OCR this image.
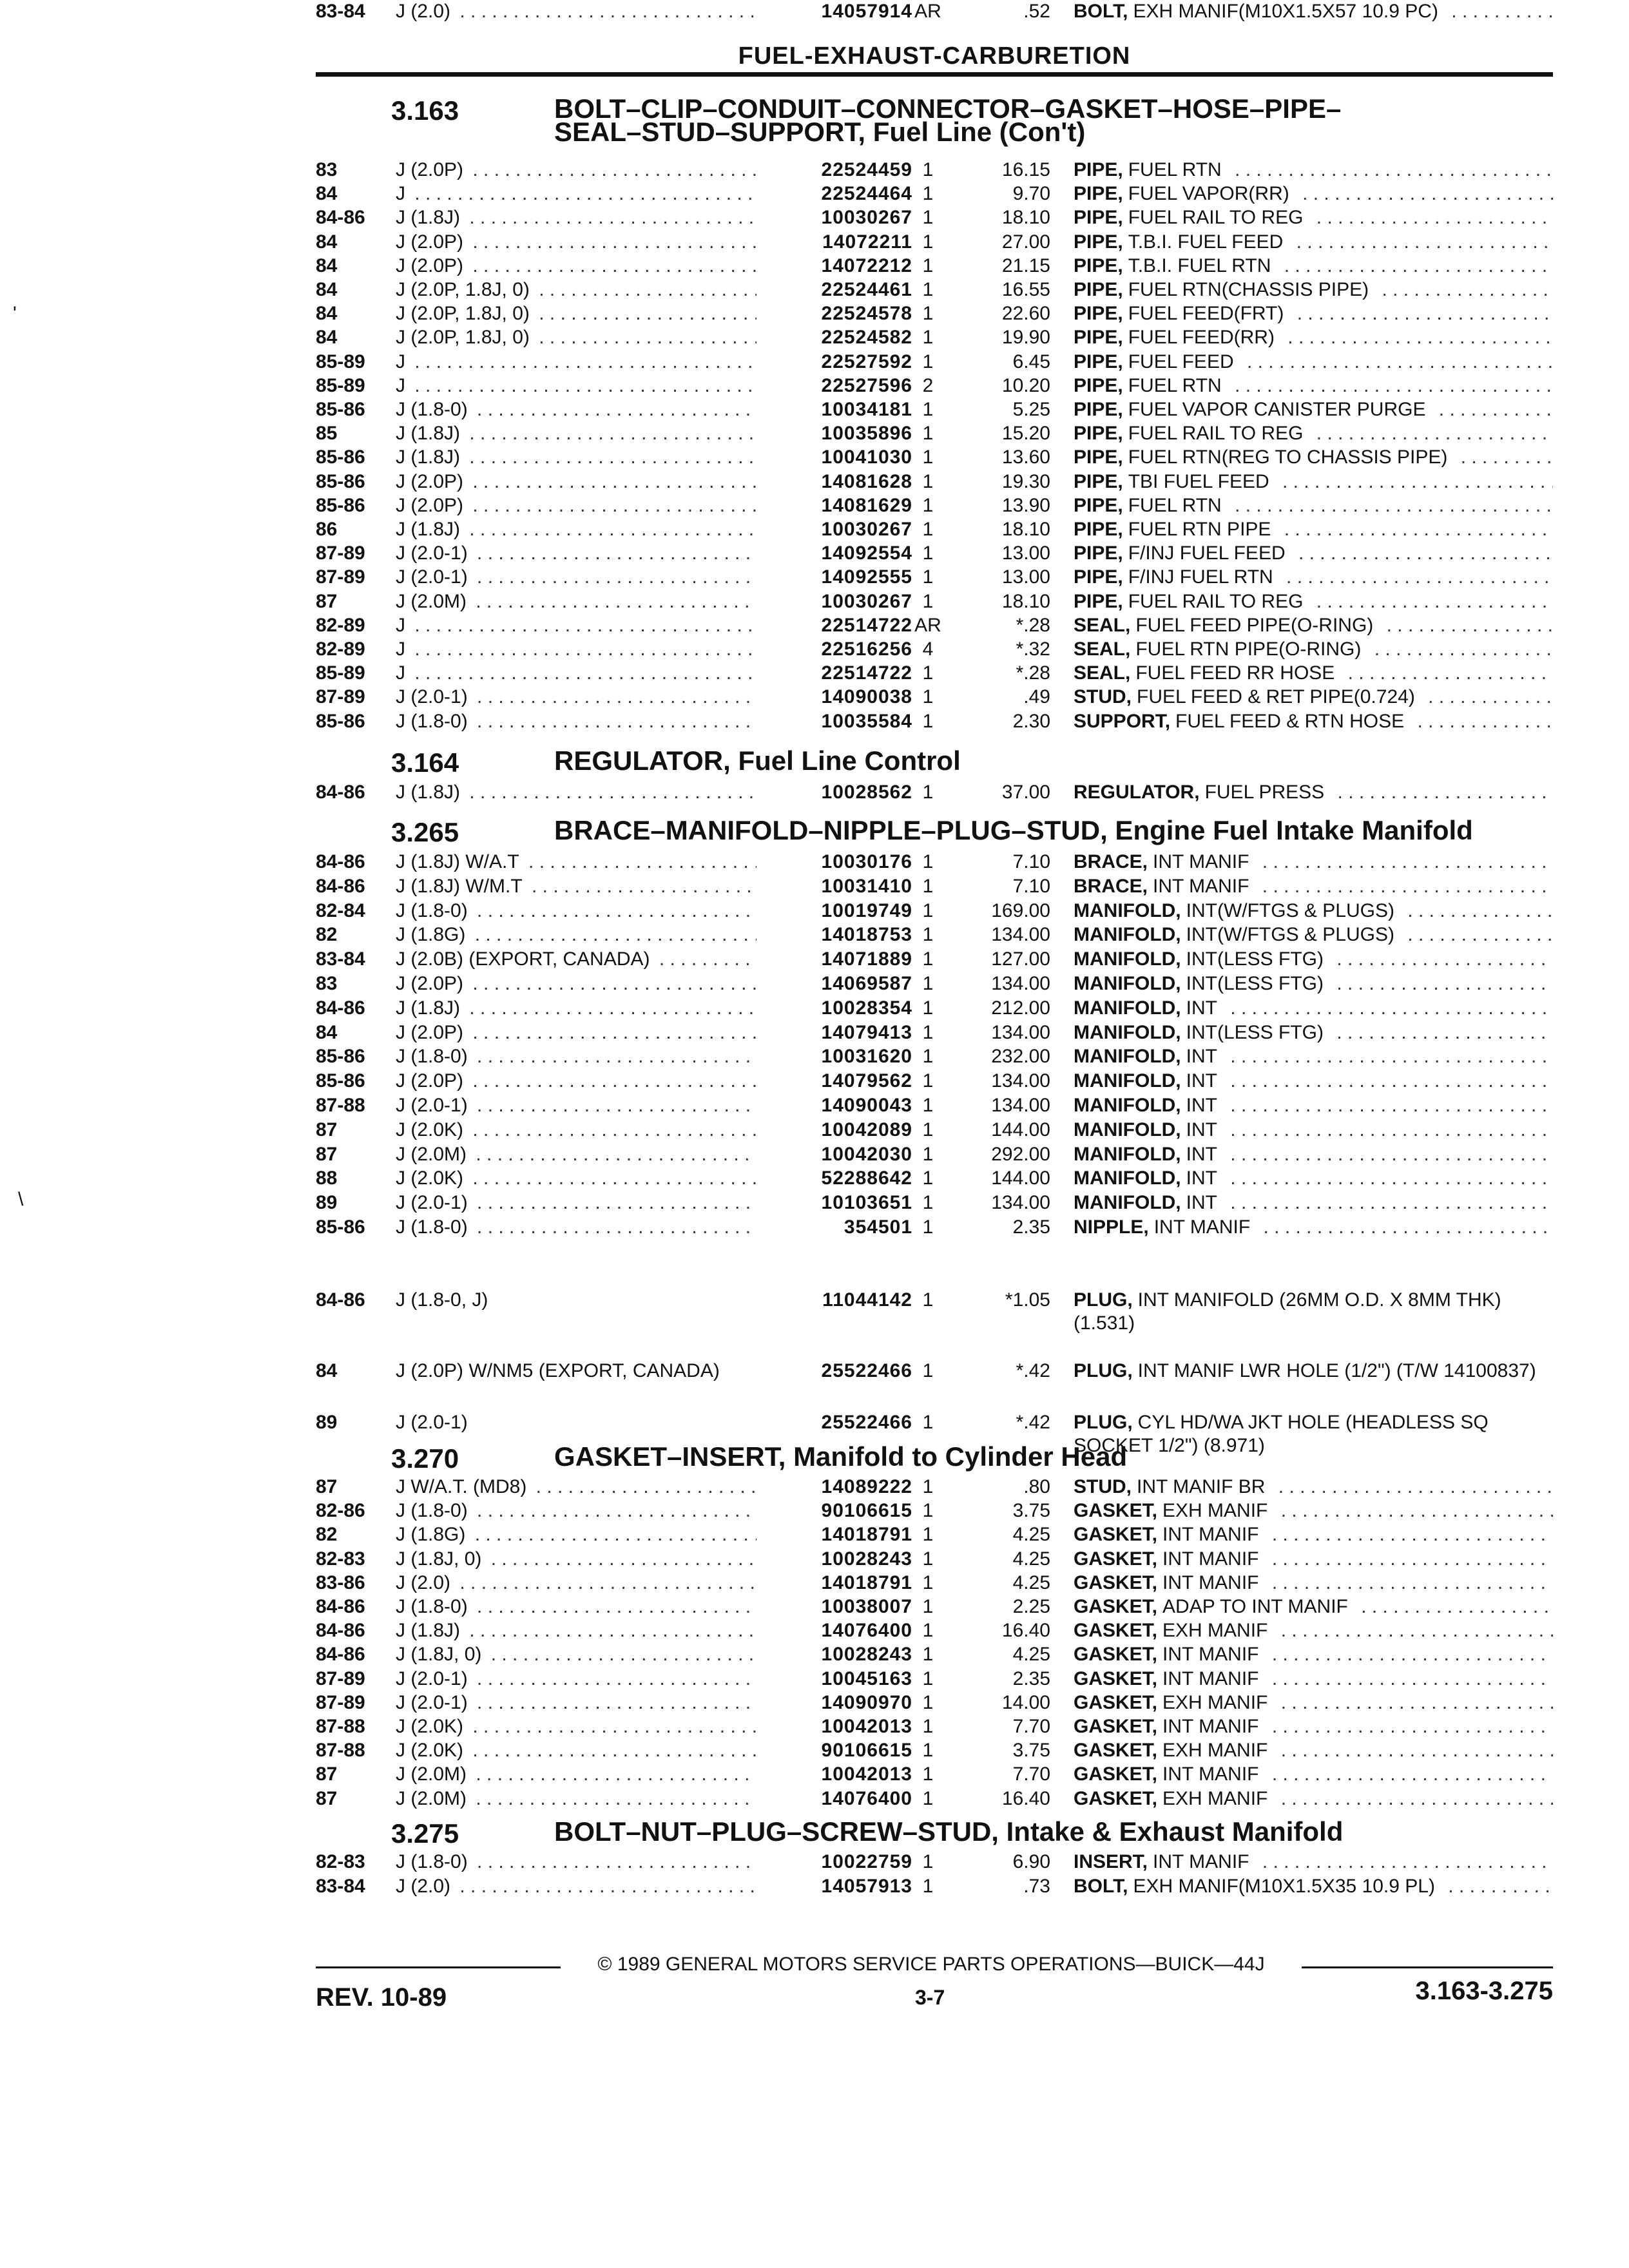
FUEL-EXHAUST-CARBURETION
'
\
3.163	BOLT–CLIP–CONDUIT–CONNECTOR–GASKET–HOSE–PIPE–
SEAL–STUD–SUPPORT, Fuel Line (Con't)
83	J (2.0P) . . .	22524459 1	16.15 PIPE, FUEL RTN . . .
84	J . . .	22524464 1	9.70 PIPE, FUEL VAPOR(RR) . . .
84-86	J (1.8J) . . .	10030267 1	18.10 PIPE, FUEL RAIL TO REG . . .
84	J (2.0P) . . .	14072211 1	27.00 PIPE, T.B.I. FUEL FEED . . .
84	J (2.0P) . . .	14072212 1	21.15 PIPE, T.B.I. FUEL RTN . . .
84	J (2.0P, 1.8J, 0) . . .	22524461 1	16.55 PIPE, FUEL RTN(CHASSIS PIPE) . . .
84	J (2.0P, 1.8J, 0) . . .	22524578 1	22.60 PIPE, FUEL FEED(FRT) . . .
84	J (2.0P, 1.8J, 0) . . .	22524582 1	19.90 PIPE, FUEL FEED(RR) . . .
85-89	J . . .	22527592 1	6.45 PIPE, FUEL FEED . . .
85-89	J . . .	22527596 2	10.20 PIPE, FUEL RTN . . .
85-86	J (1.8-0) . . .	10034181 1	5.25 PIPE, FUEL VAPOR CANISTER PURGE . . .
85	J (1.8J) . . .	10035896 1	15.20 PIPE, FUEL RAIL TO REG . . .
85-86	J (1.8J) . . .	10041030 1	13.60 PIPE, FUEL RTN(REG TO CHASSIS PIPE) . . .
85-86	J (2.0P) . . .	14081628 1	19.30 PIPE, TBI FUEL FEED . . .
85-86	J (2.0P) . . .	14081629 1	13.90 PIPE, FUEL RTN . . .
86	J (1.8J) . . .	10030267 1	18.10 PIPE, FUEL RTN PIPE . . .
87-89	J (2.0-1) . . .	14092554 1	13.00 PIPE, F/INJ FUEL FEED . . .
87-89	J (2.0-1) . . .	14092555 1	13.00 PIPE, F/INJ FUEL RTN . . .
87	J (2.0M) . . .	10030267 1	18.10 PIPE, FUEL RAIL TO REG . . .
82-89	J . . .	22514722 AR	*.28 SEAL, FUEL FEED PIPE(O-RING) . . .
82-89	J . . .	22516256 4	*.32 SEAL, FUEL RTN PIPE(O-RING) . . .
85-89	J . . .	22514722 1	*.28 SEAL, FUEL FEED RR HOSE . . .
87-89	J (2.0-1) . . .	14090038 1	.49 STUD, FUEL FEED & RET PIPE(0.724) . . .
85-86	J (1.8-0) . . .	10035584 1	2.30 SUPPORT, FUEL FEED & RTN HOSE . . .
84-86	J (1.8J) . . .	10028562 1	37.00 REGULATOR, FUEL PRESS . . .
84-86	J (1.8J) W/A.T . . .	10030176 1	7.10 BRACE, INT MANIF . . .
84-86	J (1.8J) W/M.T . . .	10031410 1	7.10 BRACE, INT MANIF . . .
82-84	J (1.8-0) . . .	10019749 1	169.00 MANIFOLD, INT(W/FTGS & PLUGS) . . .
82	J (1.8G) . . .	14018753 1	134.00 MANIFOLD, INT(W/FTGS & PLUGS) . . .
83-84	J (2.0B) (EXPORT, CANADA) . . .	14071889 1	127.00 MANIFOLD, INT(LESS FTG) . . .
83	J (2.0P) . . .	14069587 1	134.00 MANIFOLD, INT(LESS FTG) . . .
84-86	J (1.8J) . . .	10028354 1	212.00 MANIFOLD, INT . . .
84	J (2.0P) . . .	14079413 1	134.00 MANIFOLD, INT(LESS FTG) . . .
85-86	J (1.8-0) . . .	10031620 1	232.00 MANIFOLD, INT . . .
85-86	J (2.0P) . . .	14079562 1	134.00 MANIFOLD, INT . . .
87-88	J (2.0-1) . . .	14090043 1	134.00 MANIFOLD, INT . . .
87	J (2.0K) . . .	10042089 1	144.00 MANIFOLD, INT . . .
87	J (2.0M) . . .	10042030 1	292.00 MANIFOLD, INT . . .
88	J (2.0K) . . .	52288642 1	144.00 MANIFOLD, INT . . .
89	J (2.0-1) . . .	10103651 1	134.00 MANIFOLD, INT . . .
85-86	J (1.8-0) . . .	354501 1	2.35 NIPPLE, INT MANIF . . .
84-86	J (1.8-0, J)	11044142 1	*1.05 PLUG, INT MANIFOLD (26MM O.D. X 8MM THK) (1.531)
84	J (2.0P) W/NM5 (EXPORT, CANADA)	25522466 1	*.42 PLUG, INT MANIF LWR HOLE (1/2") (T/W 14100837)
89	J (2.0-1)	25522466 1	*.42 PLUG, CYL HD/WA JKT HOLE (HEADLESS SQ SOCKET 1/2") (8.971)
87	J W/A.T. (MD8) . . .	14089222 1	.80 STUD, INT MANIF BR . . .
82-86	J (1.8-0) . . .	90106615 1	3.75 GASKET, EXH MANIF . . .
82	J (1.8G) . . .	14018791 1	4.25 GASKET, INT MANIF . . .
82-83	J (1.8J, 0) . . .	10028243 1	4.25 GASKET, INT MANIF . . .
83-86	J (2.0) . . .	14018791 1	4.25 GASKET, INT MANIF . . .
84-86	J (1.8-0) . . .	10038007 1	2.25 GASKET, ADAP TO INT MANIF . . .
84-86	J (1.8J) . . .	14076400 1	16.40 GASKET, EXH MANIF . . .
84-86	J (1.8J, 0) . . .	10028243 1	4.25 GASKET, INT MANIF . . .
87-89	J (2.0-1) . . .	10045163 1	2.35 GASKET, INT MANIF . . .
87-89	J (2.0-1) . . .	14090970 1	14.00 GASKET, EXH MANIF . . .
87-88	J (2.0K) . . .	10042013 1	7.70 GASKET, INT MANIF . . .
87-88	J (2.0K) . . .	90106615 1	3.75 GASKET, EXH MANIF . . .
87	J (2.0M) . . .	10042013 1	7.70 GASKET, INT MANIF . . .
87	J (2.0M) . . .	14076400 1	16.40 GASKET, EXH MANIF . . .
82-83	J (1.8-0) . . .	10022759 1	6.90 INSERT, INT MANIF . . .
83-84	J (2.0) . . .	14057913 1	.73 BOLT, EXH MANIF(M10X1.5X35 10.9 PL) . . .
83-84	J (2.0) . . .	14057914 AR	.52 BOLT, EXH MANIF(M10X1.5X57 10.9 PC) . . .
3.164	REGULATOR, Fuel Line Control
3.265	BRACE–MANIFOLD–NIPPLE–PLUG–STUD, Engine Fuel Intake Manifold
3.270	GASKET–INSERT, Manifold to Cylinder Head
3.275	BOLT–NUT–PLUG–SCREW–STUD, Intake & Exhaust Manifold
© 1989 GENERAL MOTORS SERVICE PARTS OPERATIONS—BUICK—44J
REV. 10-89	3-7	3.163-3.275
